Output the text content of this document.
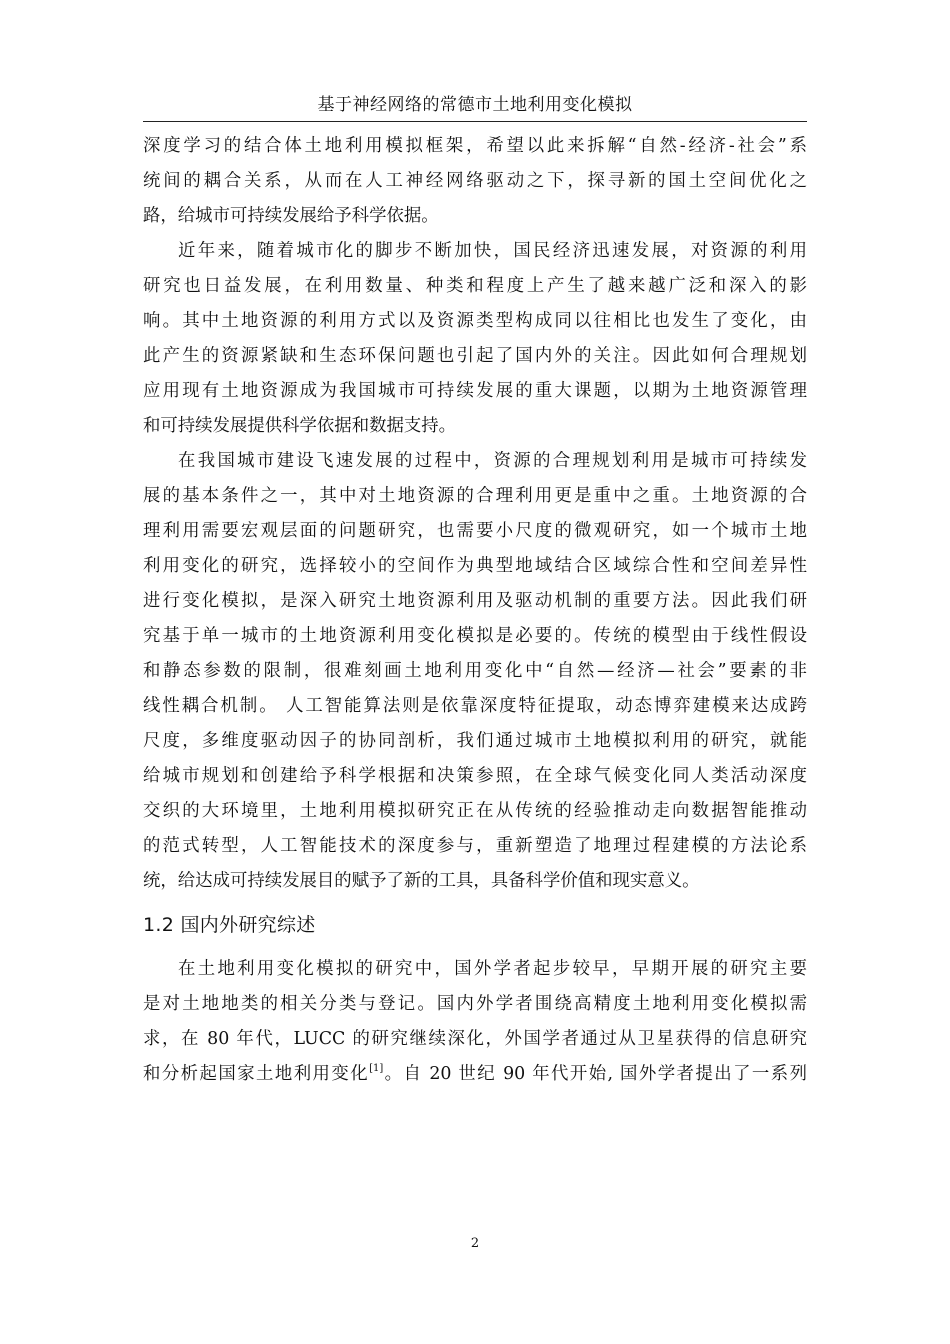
基于神经网络的常德市土地利用变化模拟
深度学习的结合体土地利用模拟框架，希望以此来拆解“自然-经济-社会”系
统间的耦合关系，从而在人工神经网络驱动之下，探寻新的国土空间优化之
路，给城市可持续发展给予科学依据。
近年来，随着城市化的脚步不断加快，国民经济迅速发展，对资源的利用
研究也日益发展，在利用数量、种类和程度上产生了越来越广泛和深入的影
响。其中土地资源的利用方式以及资源类型构成同以往相比也发生了变化，由
此产生的资源紧缺和生态环保问题也引起了国内外的关注。因此如何合理规划
应用现有土地资源成为我国城市可持续发展的重大课题，以期为土地资源管理
和可持续发展提供科学依据和数据支持。
在我国城市建设飞速发展的过程中，资源的合理规划利用是城市可持续发
展的基本条件之一，其中对土地资源的合理利用更是重中之重。土地资源的合
理利用需要宏观层面的问题研究，也需要小尺度的微观研究，如一个城市土地
利用变化的研究，选择较小的空间作为典型地域结合区域综合性和空间差异性
进行变化模拟，是深入研究土地资源利用及驱动机制的重要方法。因此我们研
究基于单一城市的土地资源利用变化模拟是必要的。传统的模型由于线性假设
和静态参数的限制，很难刻画土地利用变化中“自然—经济—社会”要素的非
线性耦合机制。 人工智能算法则是依靠深度特征提取，动态博弈建模来达成跨
尺度，多维度驱动因子的协同剖析，我们通过城市土地模拟利用的研究，就能
给城市规划和创建给予科学根据和决策参照，在全球气候变化同人类活动深度
交织的大环境里，土地利用模拟研究正在从传统的经验推动走向数据智能推动
的范式转型，人工智能技术的深度参与，重新塑造了地理过程建模的方法论系
统，给达成可持续发展目的赋予了新的工具，具备科学价值和现实意义。
1.2 国内外研究综述
在土地利用变化模拟的研究中，国外学者起步较早，早期开展的研究主要
是对土地地类的相关分类与登记。国内外学者围绕高精度土地利用变化模拟需
求，在 80 年代，LUCC 的研究继续深化，外国学者通过从卫星获得的信息研究
和分析起国家土地利用变化[1]。自 20 世纪 90 年代开始, 国外学者提出了一系列
2
